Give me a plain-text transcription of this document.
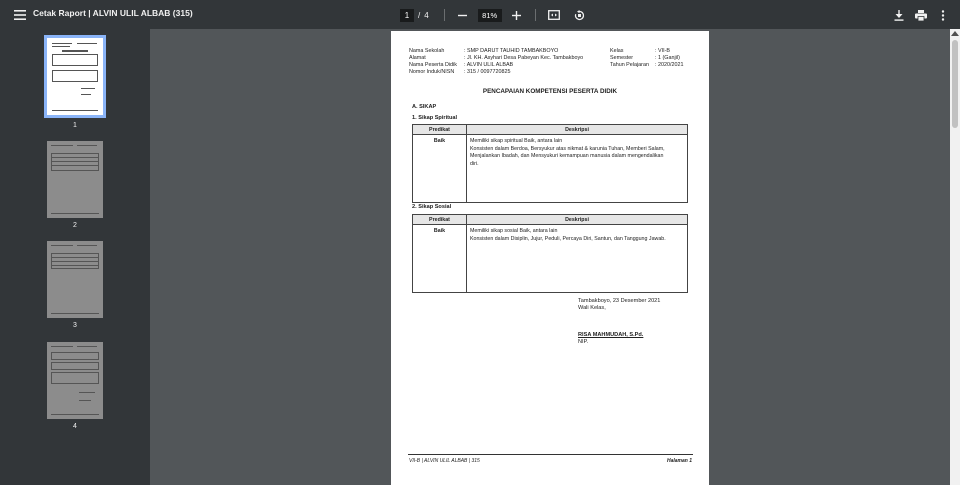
Cetak Raport | ALVIN ULIL ALBAB (315)	1	/ 4	81%
1
2
3
4
Nama Sekolah	: SMP DARUT TAUHID TAMBAKBOYO
Alamat	: Jl. KH. Asyhari Desa Pabeyan Kec. Tambakboyo
Nama Peserta Didik	: ALVIN ULIL ALBAB
Nomor Induk/NISN	: 315 / 0097720825
Kelas	: VII-B
Semester	: 1 (Ganjil)
Tahun Pelajaran	: 2020/2021
PENCAPAIAN KOMPETENSI PESERTA DIDIK
A. SIKAP
1. Sikap Spiritual
Predikat	Deskripsi
Baik	Memiliki sikap spiritual Baik, antara lain
Konsisten dalam Berdoa, Bersyukur atas nikmat & karunia Tuhan, Memberi Salam,
Menjalankan Ibadah, dan Mensyukuri kemampuan manusia dalam mengendalikan
diri.
2. Sikap Sosial
Predikat	Deskripsi
Baik	Memiliki sikap sosial Baik, antara lain
Konsisten dalam Disiplin, Jujur, Peduli, Percaya Diri, Santun, dan Tanggung Jawab.
Tambakboyo, 23 Desember 2021
Wali Kelas,
RISA MAHMUDAH, S.Pd.
NIP.
VII-B | ALVIN ULIL ALBAB | 315	Halaman 1
